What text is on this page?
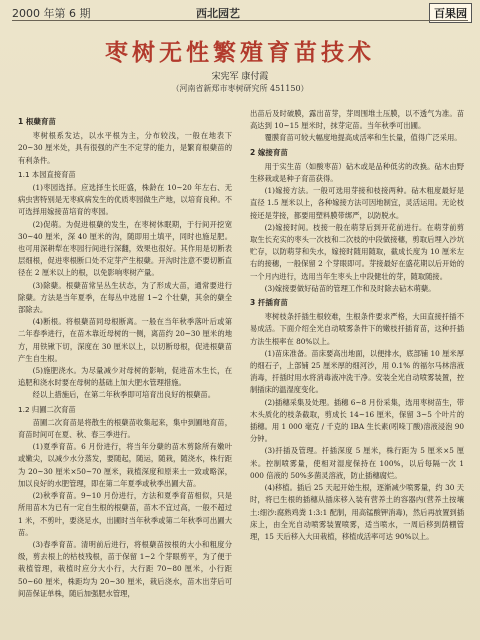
2000 年第 6 期	西北园艺	百果园
枣树无性繁殖育苗技术
宋宪军 康付霞
（河南省新郑市枣树研究所 451150）

1 根蘖育苗

枣树根系发达，以水平根为主，分布较浅，一般在地表下 20~30 厘米处，具有很强的产生不定芽的能力，是繁育根蘖苗的有利条件。

1.1 本园直接育苗

(1)枣园选择。应选择生长旺盛，株龄在 10~20 年左右、无病虫害特别是无枣疯病发生的优质枣园做生产地，以培育良种。不可选择用嫁接苗培育的枣园。

(2)促萌。为促进根蘖的发生，在枣树休眠期，于行间开挖宽 30~40 厘米，深 40 厘米的沟，随即用土填平，同时也施足肥。也可用深耕犁在枣园行间进行深翻，效果也很好。其作用是切断表层细根，促进枣根断口处不定芽产生根蘖。开沟时注意不要切断直径在 2 厘米以上的根，以免影响枣树产量。

(3)除蘖。根蘖苗常呈丛生状态，为了形成大苗，通常要进行除蘖。方法是当年夏季，在每丛中选留 1~2 个壮蘖，其余的蘖全部除去。

(4)断根。将根蘖苗同母根断离。一般在当年秋季落叶后或第二年春季进行，在苗木靠近母树的一侧，离苗约 20~30 厘米的地方，用铁锹下切，深度在 30 厘米以上，以切断母根，促进根蘖苗产生自生根。

(5)施肥浇水。为尽量减少对母树的影响，促进苗木生长，在追肥和浇水时要在母树的基础上加大肥水管理措施。

经以上措施后，在第二年秋季即可培育出良好的根蘖苗。

1.2 归圃二次育苗

苗圃二次育苗是将散生的根蘖苗收集起来，集中到圃地育苗，育苗时间可在夏、秋、春三季进行。

(1)夏季育苗。6 月份进行，将当年分蘖的苗木剪除所有嫩叶或嫩尖，以减少水分蒸发，要随起，随运，随栽，随浇水，株行距为 20~30 厘米×50~70 厘米，栽植深度和原来土一致或略深，加以良好的水肥管理，即在第二年夏季或秋季出圃大苗。

(2)秋季育苗。9~10 月份进行，方法和夏季育苗相似，只是所用苗木为已有一定自生根的根蘖苗，苗木不宜过高，一般不超过 1 米，不剪叶，要浇足水，出圃时当年秋季或第二年秋季可出圃大苗。

(3)春季育苗。清明前后进行，将根蘖苗按根的大小和粗度分级，剪去根上的枯枝残根，苗于保留 1~2 个芽眼剪平，为了便于栽植管理，栽植时应分大小行，大行距 70~80 厘米，小行距 50~60 厘米，株距均为 20~30 厘米，栽后浇水，苗木出芽后可间苗保证单株，随后加强肥水管理，

出苗后及时破膜，露出苗芽，芽周围堆土压膜，以不透气为准。苗高达到 10~15 厘米时，抹芽定苗。当年秋季可出圃。

覆膜育苗可较大幅度地提高成活率和生长量，值得广泛采用。

2 嫁接育苗

用于实生苗（如酸枣苗）砧木或是品种低劣的改换。砧木由野生移栽或是种子育苗获得。

(1)嫁接方法。一般可选用芽接和枝接两种。砧木粗度最好是直径 1.5 厘米以上，各种嫁接方法可因地制宜，灵活运用。无论枝接还是芽接，都要用塑料膜带绑严，以防脱水。

(2)嫁接时间。枝接一般在萌芽后到开花前进行。在萌芽前剪取生长充实的枣头一次枝和二次枝的中段做接穗，剪取后埋入沙坑贮存，以防萌芽和失水，嫁接时随用随取，截成长度为 10 厘米左右的接穗，一般保留 2 个芽眼即可。芽接最好在盛花期以后开始的一个月内进行，选用当年生枣头上中段健壮的芽，随取随接。

(3)嫁接要做好砧苗的管理工作和及时除去砧木萌蘖。

3 扦插育苗

枣树枝条扦插生根较难，生根条件要求严格，大田直接扦插不易成活。下面介绍全光自动喷雾条件下的嫩枝扦插育苗，这种扦插方法生根率在 80%以上。

(1)苗床准备。苗床要高出地面，以便排水，底部铺 10 厘米厚的细石子，上部铺 25 厘米厚的细河沙，用 0.1% 的福尔马林溶液消毒，扦插时用水将消毒液冲洗干净。安装全光自动喷雾装置，控制插床的温湿度变化。

(2)插穗采集及处理。插穗 6~8 月份采集，选用枣树苗生，带木头质化的枝条截取，剪成长 14~16 厘米，保留 3~5 个叶片的插穗。用 1 000 毫克 / 千克的 IBA 生长素(吲哚丁酸)溶液浸泡 90 分钟。

(3)扦插及管理。扦插深度 5 厘米，株行距为 5 厘米×5 厘米。控制喷雾量，使相对湿度保持在 100%，以后每隔一次 1 000 倍液的 50%多菌灵溶液，防止插穗腐烂。

(4)移植。插后 25 天起开始生根，逐渐减少喷雾量，约 30 天时，将已生根的插穗从插床移入装有营养土的容器内(营养土按壤土:细沙:腐熟鸡粪 1:3:1 配制，用高锰酸钾消毒)，然后再放置到插床上，由全光自动喷雾装置喷雾，适当喷水，一周后移到荫棚管理，15 天后移入大田栽植，移植成活率可达 90%以上。
